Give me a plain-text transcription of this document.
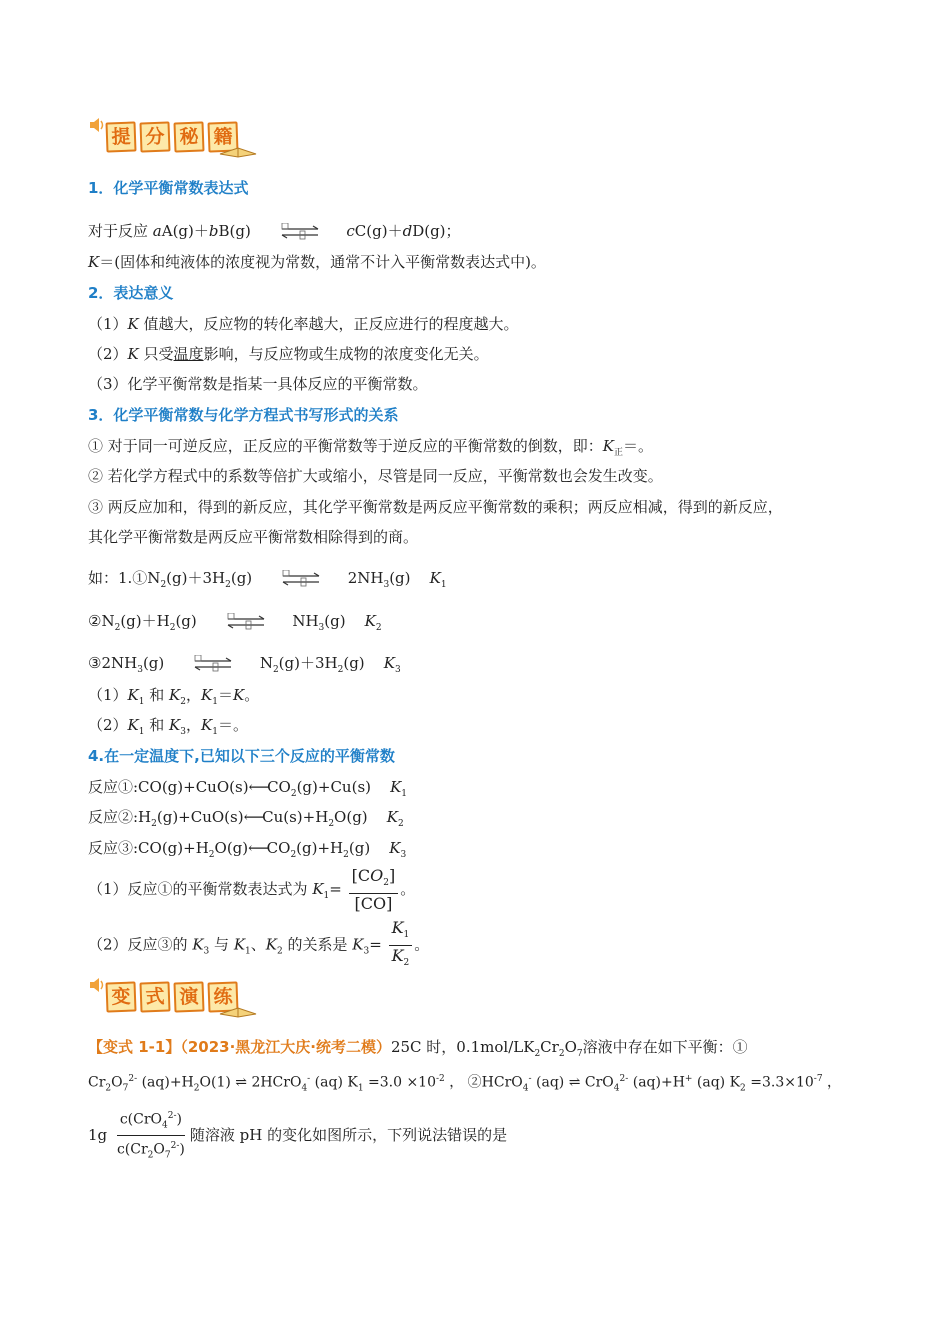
提 分 秘 籍
1．化学平衡常数表达式
对于反应 aA(g)＋bB(g)	cC(g)＋dD(g)；
K＝(固体和纯液体的浓度视为常数，通常不计入平衡常数表达式中)。
2．表达意义
（1）K 值越大，反应物的转化率越大，正反应进行的程度越大。
（2）K 只受温度影响，与反应物或生成物的浓度变化无关。
（3）化学平衡常数是指某一具体反应的平衡常数。
3．化学平衡常数与化学方程式书写形式的关系
① 对于同一可逆反应，正反应的平衡常数等于逆反应的平衡常数的倒数，即：$K_正=$。
② 若化学方程式中的系数等倍扩大或缩小，尽管是同一反应，平衡常数也会发生改变。
③ 两反应加和，得到的新反应，其化学平衡常数是两反应平衡常数的乘积；两反应相减，得到的新反应，
其化学平衡常数是两反应平衡常数相除得到的商。
如：$1.①N_2(g)+3H_2(g)$	$2NH_3(g)$ $K_1$
$②N_2(g)+H_2(g)$	$NH_3(g)$ $K_2$
$③2NH_3(g)$	$N_2(g)+3H_2(g)$ $K_3$
$(1)K_1$ 和 $K_2$，$K_1=K$。
$(2)K_1$ 和 $K_3$，$K_1=$。
4.在一定温度下,已知以下三个反应的平衡常数
反应$①:CO(g)+CuO(s)⟵CO_2(g)+Cu(s)$ $K_1$
反应$②:H_2(g)+CuO(s)⟵Cu(s)+H_2O(g)$ $K_2$
反应$③:CO(g)+H_2O(g)⟵CO_2(g)+H_2(g)$ $K_3$
（1）反应①的平衡常数表达式为 $K_1= \frac{[CO_2]}{[CO]}$ 。
（2）反应③的 $K_3$ 与 $K_1$、$K_2$ 的关系是 $K_3= \frac{K_1}{K_2}$ 。
变 式 演 练
【变式 1-1】（2023·黑龙江大庆·统考二模）25C 时，$0.1mol/LK_2Cr_2O_7$溶液中存在如下平衡：①
$Cr_2O_7^{2-}$ $(aq)+H_2O(1)$ ⇌ 2HCrO$_4$- (aq) $K_1 =3.0 \times 10^{-2}$ ， ②HCrO$_4$- (aq) ⇌ CrO$_4^{2-}$ (aq)+H+ (aq) $K_2 =3.3\times 10^{-7}$ ，
$1g \frac{c(CrO_4^{2-})}{c(Cr_2O_7^{2-})}$ 随溶液 pH 的变化如图所示，下列说法错误的是
